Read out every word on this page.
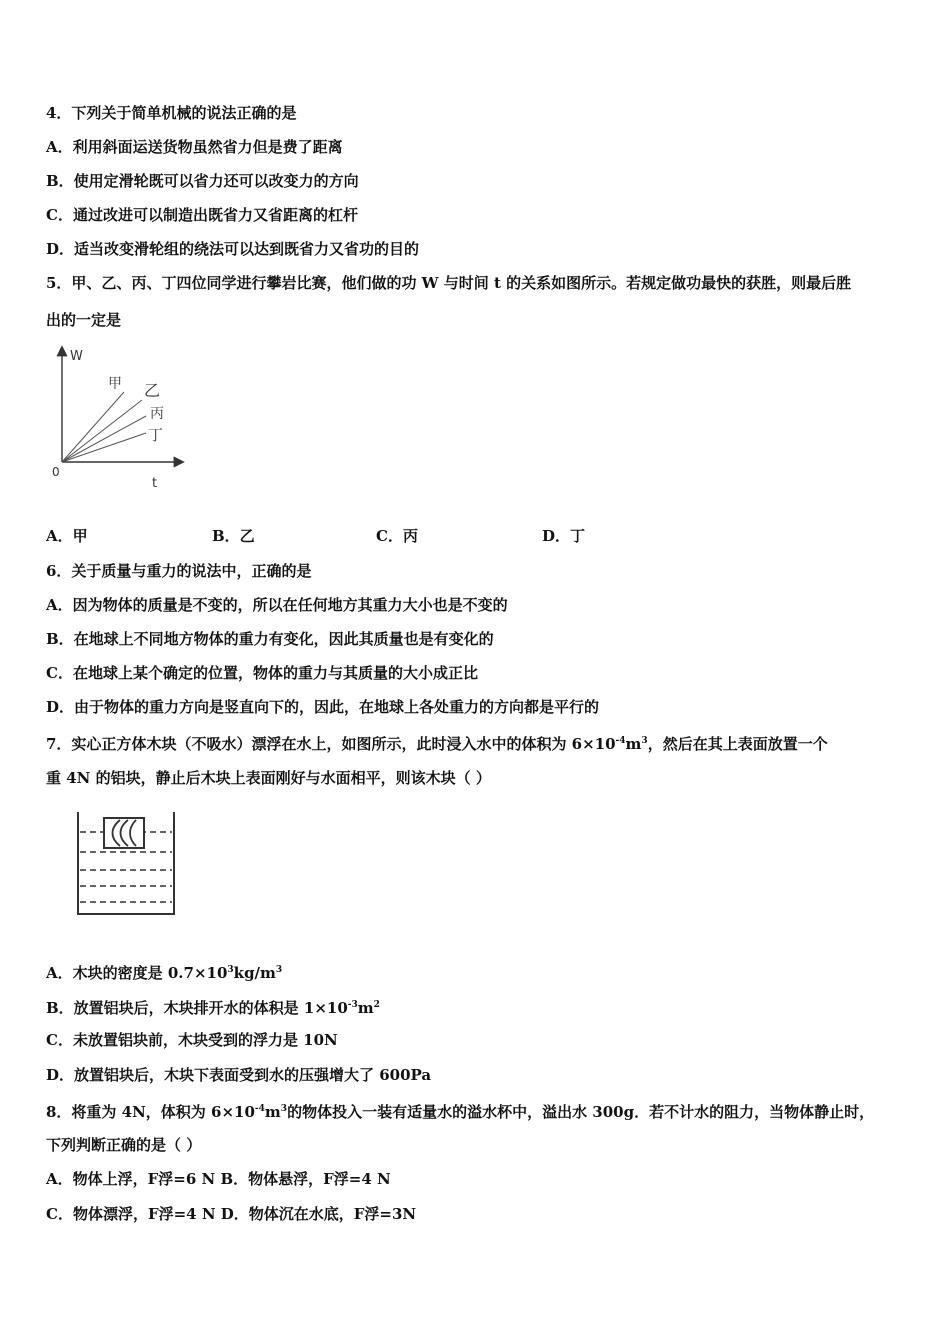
4．下列关于简单机械的说法正确的是
A．利用斜面运送货物虽然省力但是费了距离
B．使用定滑轮既可以省力还可以改变力的方向
C．通过改进可以制造出既省力又省距离的杠杆
D．适当改变滑轮组的绕法可以达到既省力又省功的目的
5．甲、乙、丙、丁四位同学进行攀岩比赛，他们做的功 W 与时间 t 的关系如图所示。若规定做功最快的获胜，则最后胜
出的一定是
W
t
0
甲 乙
丙
丁
A．甲	B．乙	C．丙	D．丁
6．关于质量与重力的说法中，正确的是
A．因为物体的质量是不变的，所以在任何地方其重力大小也是不变的
B．在地球上不同地方物体的重力有变化，因此其质量也是有变化的
C．在地球上某个确定的位置，物体的重力与其质量的大小成正比
D．由于物体的重力方向是竖直向下的，因此，在地球上各处重力的方向都是平行的
7．实心正方体木块（不吸水）漂浮在水上，如图所示，此时浸入水中的体积为 $6\times 10^{-4}m^3$，然后在其上表面放置一个
重 4N 的铝块，静止后木块上表面刚好与水面相平，则该木块（ ）
A．木块的密度是 $0.7\times 10^3kg/m^3$
B．放置铝块后，木块排开水的体积是 $1\times 10^{-3}m^2$
C．未放置铝块前，木块受到的浮力是 10N
D．放置铝块后，木块下表面受到水的压强增大了 600Pa
8．将重为 4N，体积为 $6\times 10^{-4}m^3$的物体投入一装有适量水的溢水杯中，溢出水 300g．若不计水的阻力，当物体静止时，
下列判断正确的是（ ）
A．物体上浮，F浮=6 N B．物体悬浮，F浮=4 N
C．物体漂浮，F浮=4 N D．物体沉在水底，F浮=3N
